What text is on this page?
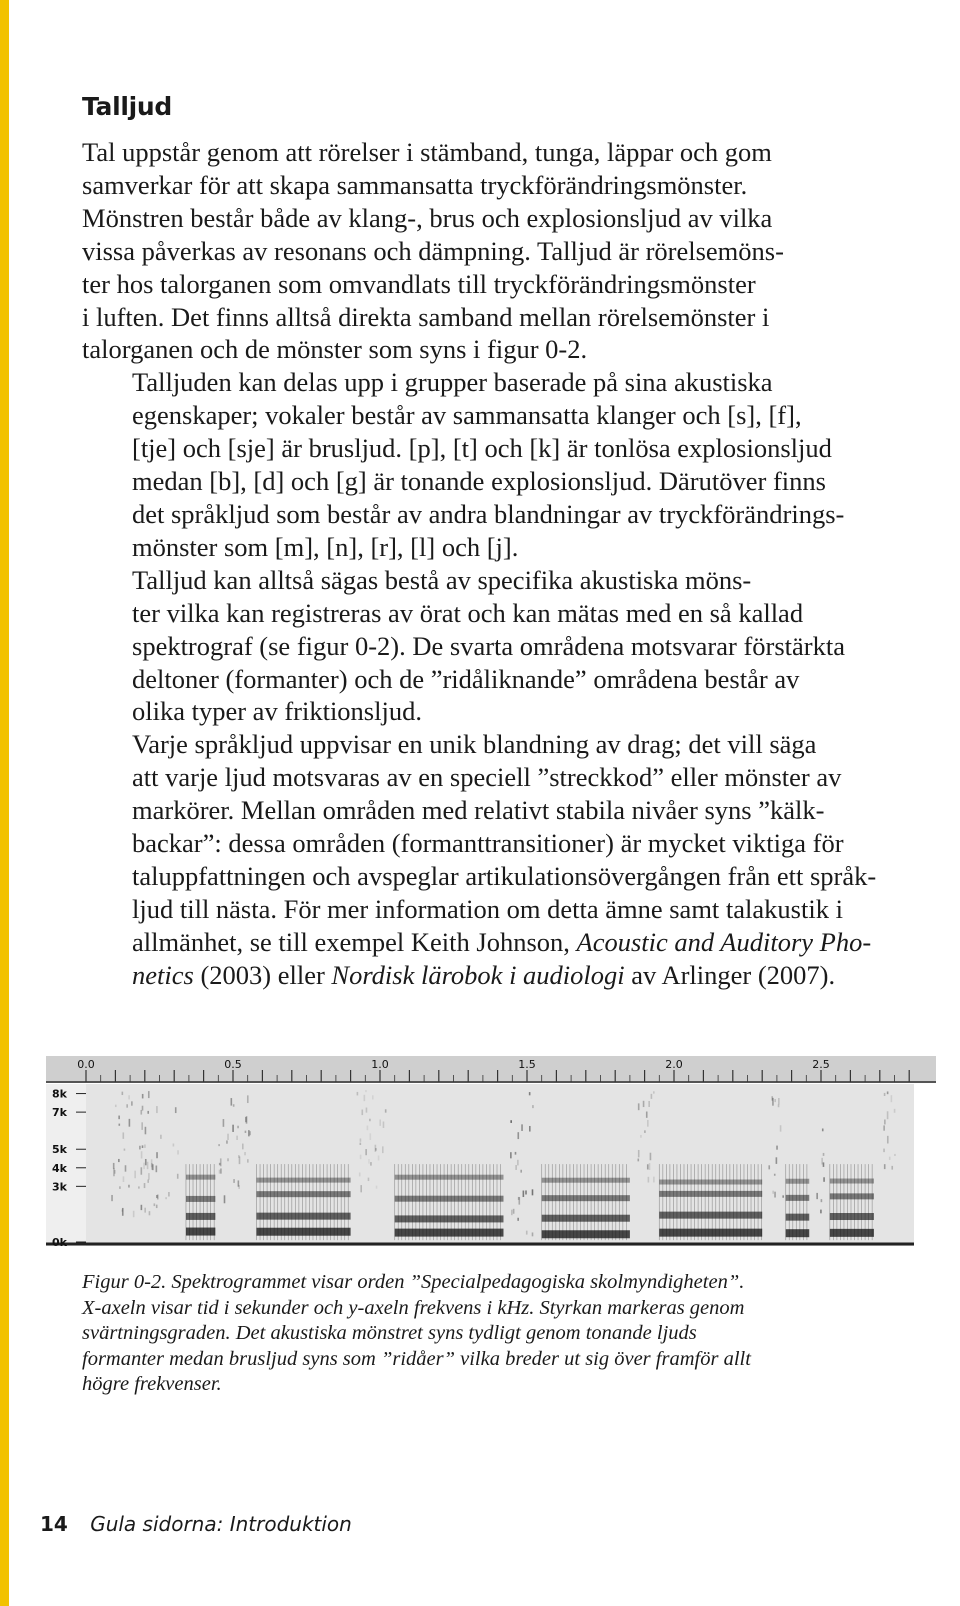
Talljud

Tal uppstår genom att rörelser i stämband, tunga, läppar och gom
samverkar för att skapa sammansatta tryckförändringsmönster.
Mönstren består både av klang-, brus och explosionsljud av vilka
vissa påverkas av resonans och dämpning. Talljud är rörelsemöns-
ter hos talorganen som omvandlats till tryckförändringsmönster
i luften. Det finns alltså direkta samband mellan rörelsemönster i
talorganen och de mönster som syns i figur 0-2.

Talljuden kan delas upp i grupper baserade på sina akustiska
egenskaper; vokaler består av sammansatta klanger och [s], [f],
[tje] och [sje] är brusljud. [p], [t] och [k] är tonlösa explosionsljud
medan [b], [d] och [g] är tonande explosionsljud. Därutöver finns
det språkljud som består av andra blandningar av tryckförändrings-
mönster som [m], [n], [r], [l] och [j].

Talljud kan alltså sägas bestå av specifika akustiska möns-
ter vilka kan registreras av örat och kan mätas med en så kallad
spektrograf (se figur 0-2). De svarta områdena motsvarar förstärkta
deltoner (formanter) och de ”ridåliknande” områdena består av
olika typer av friktionsljud.

Varje språkljud uppvisar en unik blandning av drag; det vill säga
att varje ljud motsvaras av en speciell ”streckkod” eller mönster av
markörer. Mellan områden med relativt stabila nivåer syns ”kälk-
backar”: dessa områden (formanttransitioner) är mycket viktiga för
taluppfattningen och avspeglar artikulationsövergången från ett språk-
ljud till nästa. För mer information om detta ämne samt talakustik i
allmänhet, se till exempel Keith Johnson, Acoustic and Auditory Pho-
netics (2003) eller Nordisk lärobok i audiologi av Arlinger (2007).

0.0	0.5	1.0	1.5	2.0	2.5
8k
7k
5k
4k
3k
0k
Figur 0-2. Spektrogrammet visar orden ”Specialpedagogiska skolmyndigheten”.
X-axeln visar tid i sekunder och y-axeln frekvens i kHz. Styrkan markeras genom
svärtningsgraden. Det akustiska mönstret syns tydligt genom tonande ljuds
formanter medan brusljud syns som ”ridåer” vilka breder ut sig över framför allt
högre frekvenser.
14 Gula sidorna: Introduktion
